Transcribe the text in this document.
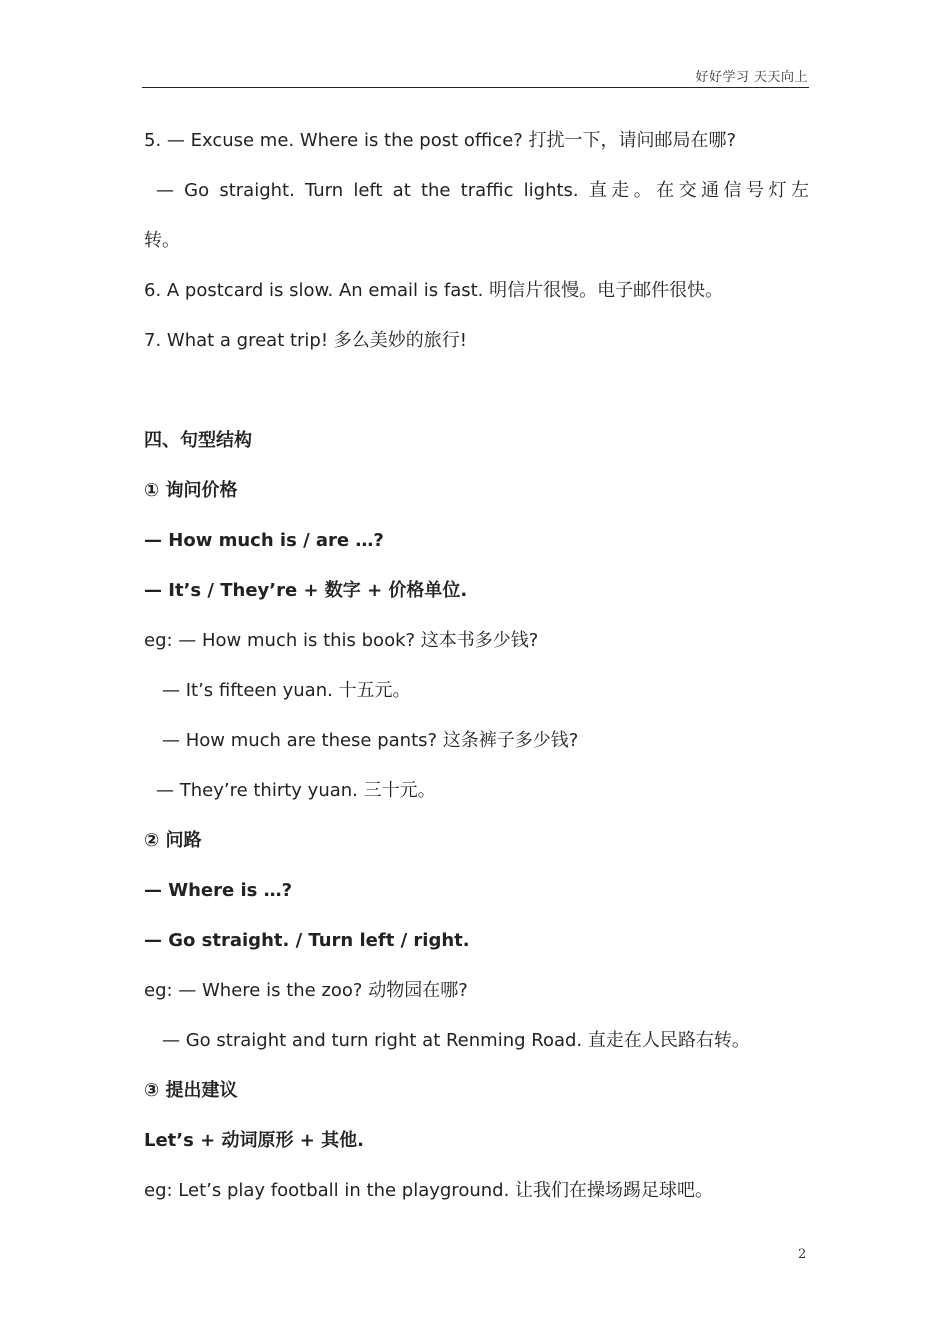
好好学习 天天向上
5. — Excuse me. Where is the post office? 打扰一下，请问邮局在哪?
— Go straight. Turn left at the traffic lights. 直走。在交通信号灯左
转。
6. A postcard is slow. An email is fast. 明信片很慢。电子邮件很快。
7. What a great trip! 多么美妙的旅行!
四、句型结构
① 询问价格
— How much is / are …?
— It’s / They’re + 数字 + 价格单位.
eg: — How much is this book? 这本书多少钱?
— It’s fifteen yuan. 十五元。
— How much are these pants? 这条裤子多少钱?
— They’re thirty yuan. 三十元。
② 问路
— Where is …?
— Go straight. / Turn left / right.
eg: — Where is the zoo? 动物园在哪?
— Go straight and turn right at Renming Road. 直走在人民路右转。
③ 提出建议
Let’s + 动词原形 + 其他.
eg: Let’s play football in the playground. 让我们在操场踢足球吧。
2
